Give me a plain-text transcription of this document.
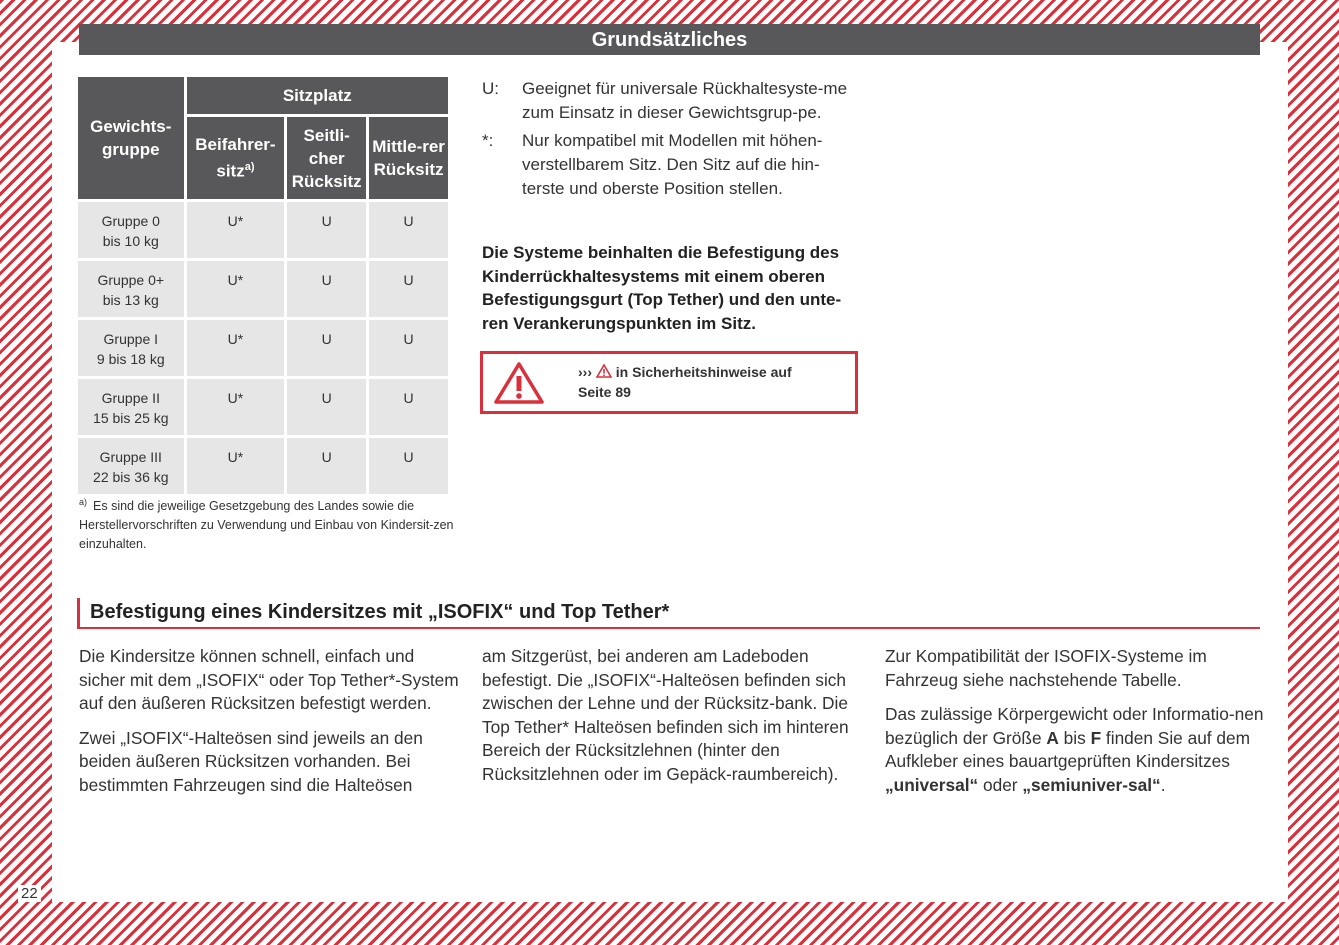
Grundsätzliches
Gewichts-gruppe	Sitzplatz		
	Beifahrer-sitz$^{a)}$	Seitli-cher Rücksitz	Mittle-rer Rücksitz
Gruppe 0
bis 10 kg	U*	U	U
Gruppe 0+
bis 13 kg	U*	U	U
Gruppe I
9 bis 18 kg	U*	U	U
Gruppe II
15 bis 25 kg	U*	U	U
Gruppe III
22 bis 36 kg	U*	U	U
$^{a)}$ Es sind die jeweilige Gesetzgebung des Landes sowie die Herstellervorschriften zu Verwendung und Einbau von Kindersit-zen einzuhalten.
U:	Geeignet für universale Rückhaltesyste-me zum Einsatz in dieser Gewichtsgrup-pe.
*:	Nur kompatibel mit Modellen mit höhen-verstellbarem Sitz. Den Sitz auf die hin-terste und oberste Position stellen.
Die Systeme beinhalten die Befestigung des Kinderrückhaltesystems mit einem oberen Befestigungsgurt (Top Tether) und den unte-ren Verankerungspunkten im Sitz.
››› in Sicherheitshinweise auf
Seite 89
Befestigung eines Kindersitzes mit „ISOFIX“ und Top Tether*

Die Kindersitze können schnell, einfach und sicher mit dem „ISOFIX“ oder Top Tether*-System auf den äußeren Rücksitzen befestigt werden.

Zwei „ISOFIX“-Halteösen sind jeweils an den beiden äußeren Rücksitzen vorhanden. Bei bestimmten Fahrzeugen sind die Halteösen

am Sitzgerüst, bei anderen am Ladeboden befestigt. Die „ISOFIX“-Halteösen befinden sich zwischen der Lehne und der Rücksitz-bank. Die Top Tether* Halteösen befinden sich im hinteren Bereich der Rücksitzlehnen (hinter den Rücksitzlehnen oder im Gepäck-raumbereich).

Zur Kompatibilität der ISOFIX-Systeme im Fahrzeug siehe nachstehende Tabelle.

Das zulässige Körpergewicht oder Informatio-nen bezüglich der Größe A bis F finden Sie auf dem Aufkleber eines bauartgeprüften Kindersitzes „universal“ oder „semiuniver-sal“.

22
